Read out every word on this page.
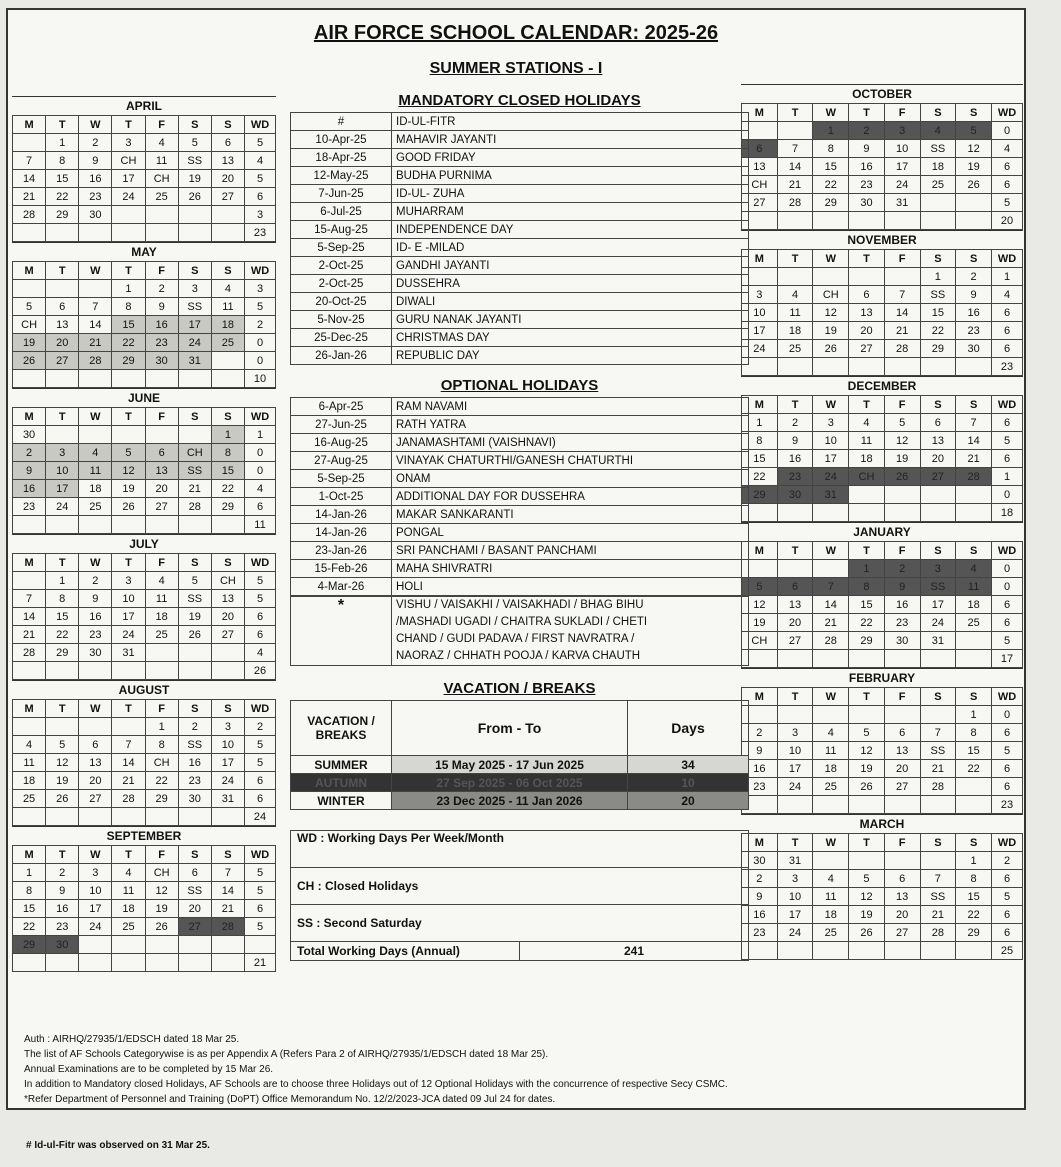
AIR FORCE SCHOOL CALENDAR: 2025-26
SUMMER STATIONS - I
APRIL
M	T	W	T	F	S	S	WD
	1	2	3	4	5	6	5
7	8	9	CH	11	SS	13	4
14	15	16	17	CH	19	20	5
21	22	23	24	25	26	27	6
28	29	30					3
							23
MAY
M	T	W	T	F	S	S	WD
			1	2	3	4	3
5	6	7	8	9	SS	11	5
CH	13	14	15	16	17	18	2
19	20	21	22	23	24	25	0
26	27	28	29	30	31		0
							10
JUNE
M	T	W	T	F	S	S	WD
30						1	1
2	3	4	5	6	CH	8	0
9	10	11	12	13	SS	15	0
16	17	18	19	20	21	22	4
23	24	25	26	27	28	29	6
							11
JULY
M	T	W	T	F	S	S	WD
	1	2	3	4	5	CH	5
7	8	9	10	11	SS	13	5
14	15	16	17	18	19	20	6
21	22	23	24	25	26	27	6
28	29	30	31				4
							26
AUGUST
M	T	W	T	F	S	S	WD
				1	2	3	2
4	5	6	7	8	SS	10	5
11	12	13	14	CH	16	17	5
18	19	20	21	22	23	24	6
25	26	27	28	29	30	31	6
							24
SEPTEMBER
M	T	W	T	F	S	S	WD
1	2	3	4	CH	6	7	5
8	9	10	11	12	SS	14	5
15	16	17	18	19	20	21	6
22	23	24	25	26	27	28	5
29	30						
							21
OCTOBER
M	T	W	T	F	S	S	WD
		1	2	3	4	5	0
6	7	8	9	10	SS	12	4
13	14	15	16	17	18	19	6
CH	21	22	23	24	25	26	6
27	28	29	30	31			5
							20
NOVEMBER
M	T	W	T	F	S	S	WD
					1	2	1
3	4	CH	6	7	SS	9	4
10	11	12	13	14	15	16	6
17	18	19	20	21	22	23	6
24	25	26	27	28	29	30	6
							23
DECEMBER
M	T	W	T	F	S	S	WD
1	2	3	4	5	6	7	6
8	9	10	11	12	13	14	5
15	16	17	18	19	20	21	6
22	23	24	CH	26	27	28	1
29	30	31					0
							18
JANUARY
M	T	W	T	F	S	S	WD
			1	2	3	4	0
5	6	7	8	9	SS	11	0
12	13	14	15	16	17	18	6
19	20	21	22	23	24	25	6
CH	27	28	29	30	31		5
							17
FEBRUARY
M	T	W	T	F	S	S	WD
						1	0
2	3	4	5	6	7	8	6
9	10	11	12	13	SS	15	5
16	17	18	19	20	21	22	6
23	24	25	26	27	28		6
							23
MARCH
M	T	W	T	F	S	S	WD
30	31					1	2
2	3	4	5	6	7	8	6
9	10	11	12	13	SS	15	5
16	17	18	19	20	21	22	6
23	24	25	26	27	28	29	6
							25
MANDATORY CLOSED HOLIDAYS
#	ID-UL-FITR
10-Apr-25	MAHAVIR JAYANTI
18-Apr-25	GOOD FRIDAY
12-May-25	BUDHA PURNIMA
7-Jun-25	ID-UL- ZUHA
6-Jul-25	MUHARRAM
15-Aug-25	INDEPENDENCE DAY
5-Sep-25	ID- E -MILAD
2-Oct-25	GANDHI JAYANTI
2-Oct-25	DUSSEHRA
20-Oct-25	DIWALI
5-Nov-25	GURU NANAK JAYANTI
25-Dec-25	CHRISTMAS DAY
26-Jan-26	REPUBLIC DAY
OPTIONAL HOLIDAYS
6-Apr-25	RAM NAVAMI
27-Jun-25	RATH YATRA
16-Aug-25	JANAMASHTAMI (VAISHNAVI)
27-Aug-25	VINAYAK CHATURTHI/GANESH CHATURTHI
5-Sep-25	ONAM
1-Oct-25	ADDITIONAL DAY FOR DUSSEHRA
14-Jan-26	MAKAR SANKARANTI
14-Jan-26	PONGAL
23-Jan-26	SRI PANCHAMI / BASANT PANCHAMI
15-Feb-26	MAHA SHIVRATRI
4-Mar-26	HOLI
*	VISHU / VAISAKHI / VAISAKHADI / BHAG BIHU
/MASHADI UGADI / CHAITRA SUKLADI / CHETI
CHAND / GUDI PADAVA / FIRST NAVRATRA /
NAORAZ / CHHATH POOJA / KARVA CHAUTH
VACATION / BREAKS
VACATION / BREAKS	From - To	Days
SUMMER	15 May 2025 - 17 Jun 2025	34
AUTUMN	27 Sep 2025 - 06 Oct 2025	10
WINTER	23 Dec 2025 - 11 Jan 2026	20
WD : Working Days Per Week/Month
CH : Closed Holidays
SS : Second Saturday
Total Working Days (Annual)	241
Auth : AIRHQ/27935/1/EDSCH dated 18 Mar 25.
The list of AF Schools Categorywise is as per Appendix A (Refers Para 2 of AIRHQ/27935/1/EDSCH dated 18 Mar 25).
Annual Examinations are to be completed by 15 Mar 26.
In addition to Mandatory closed Holidays, AF Schools are to choose three Holidays out of 12 Optional Holidays with the concurrence of respective Secy CSMC.
*Refer Department of Personnel and Training (DoPT) Office Memorandum No. 12/2/2023-JCA dated 09 Jul 24 for dates.
# Id-ul-Fitr was observed on 31 Mar 25.
